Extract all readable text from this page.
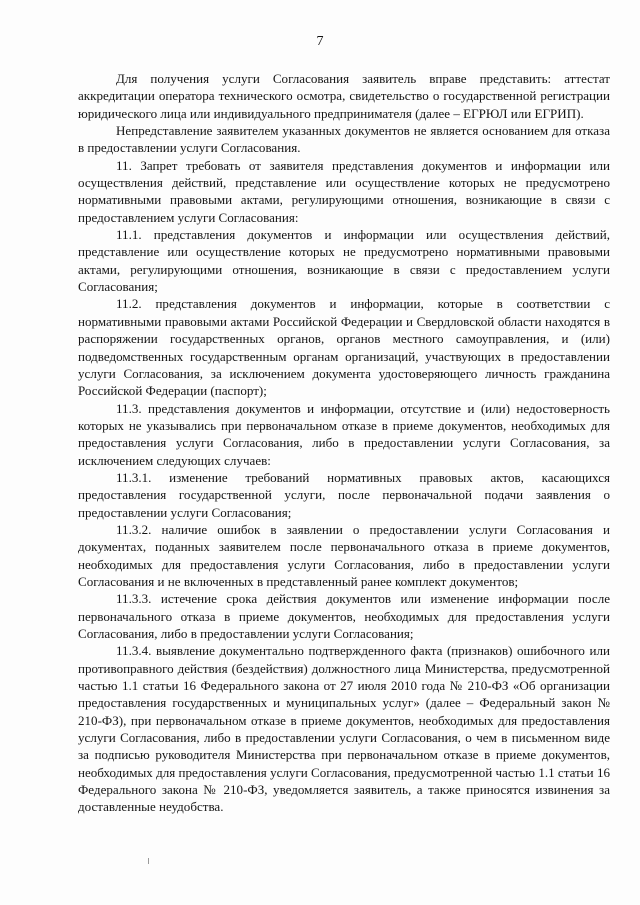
7

Для получения услуги Согласования заявитель вправе представить: аттестат аккредитации оператора технического осмотра, свидетельство о государственной регистрации юридического лица или индивидуального предпринимателя (далее – ЕГРЮЛ или ЕГРИП).

Непредставление заявителем указанных документов не является основанием для отказа в предоставлении услуги Согласования.

11. Запрет требовать от заявителя представления документов и информации или осуществления действий, представление или осуществление которых не предусмотрено нормативными правовыми актами, регулирующими отношения, возникающие в связи с предоставлением услуги Согласования:

11.1. представления документов и информации или осуществления действий, представление или осуществление которых не предусмотрено нормативными правовыми актами, регулирующими отношения, возникающие в связи с предоставлением услуги Согласования;

11.2. представления документов и информации, которые в соответствии с нормативными правовыми актами Российской Федерации и Свердловской области находятся в распоряжении государственных органов, органов местного самоуправления, и (или) подведомственных государственным органам организаций, участвующих в предоставлении услуги Согласования, за исключением документа удостоверяющего личность гражданина Российской Федерации (паспорт);

11.3. представления документов и информации, отсутствие и (или) недостоверность которых не указывались при первоначальном отказе в приеме документов, необходимых для предоставления услуги Согласования, либо в предоставлении услуги Согласования, за исключением следующих случаев:

11.3.1. изменение требований нормативных правовых актов, касающихся предоставления государственной услуги, после первоначальной подачи заявления о предоставлении услуги Согласования;

11.3.2. наличие ошибок в заявлении о предоставлении услуги Согласования и документах, поданных заявителем после первоначального отказа в приеме документов, необходимых для предоставления услуги Согласования, либо в предоставлении услуги Согласования и не включенных в представленный ранее комплект документов;

11.3.3. истечение срока действия документов или изменение информации после первоначального отказа в приеме документов, необходимых для предоставления услуги Согласования, либо в предоставлении услуги Согласования;

11.3.4. выявление документально подтвержденного факта (признаков) ошибочного или противоправного действия (бездействия) должностного лица Министерства, предусмотренной частью 1.1 статьи 16 Федерального закона от 27 июля 2010 года № 210-ФЗ «Об организации предоставления государственных и муниципальных услуг» (далее – Федеральный закон № 210-ФЗ), при первоначальном отказе в приеме документов, необходимых для предоставления услуги Согласования, либо в предоставлении услуги Согласования, о чем в письменном виде за подписью руководителя Министерства при первоначальном отказе в приеме документов, необходимых для предоставления услуги Согласования, предусмотренной частью 1.1 статьи 16 Федерального закона № 210-ФЗ, уведомляется заявитель, а также приносятся извинения за доставленные неудобства.
